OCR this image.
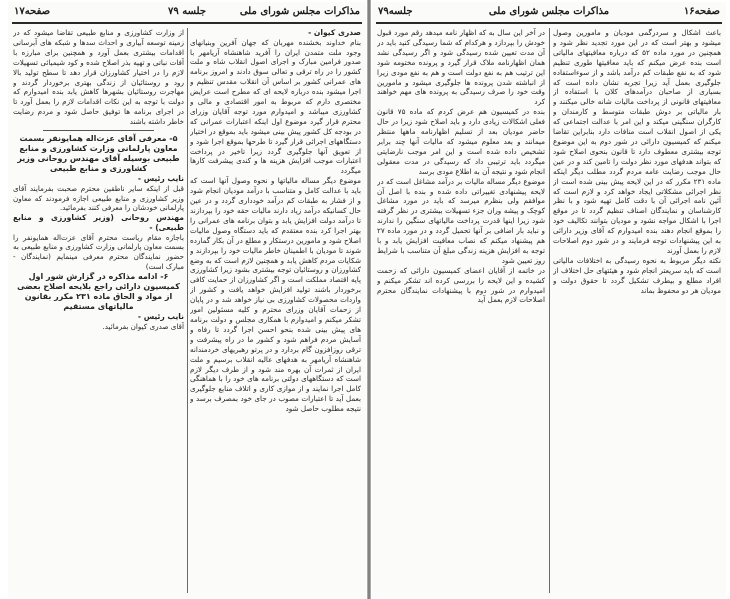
مذاکرات مجلس شورای ملی
جلسه ۷۹
صفحه۱۷

صدری کیوان -

بنام خداوند بخشنده مهربان که جهان آفرین وبنیانهای وجود ملت متمدن ایران را آفرید شاهنشاه آریامهر با صدور فرامین مبارک و اجرای اصول انقلاب شاه و ملت کشور را در راه ترقی و تعالی سوق دادند و امروز برنامه های عمرانی کشور بر اساس آن انقلاب مقدس تنظیم و اجرا میشود بنده درباره لایحه ای که مطرح است عرایض مختصری دارم که مربوط به امور اقتصادی و مالی و کشاورزی میباشد و امیدوارم مورد توجه آقایان وزرای محترم قرار گیرد موضوع اول اینکه اعتبارات عمرانی که در بودجه کل کشور پیش بینی میشود باید بموقع در اختیار دستگاههای اجرائی قرار گیرد تا طرحها بموقع اجرا شود و از تعویق آنها جلوگیری گردد زیرا تاخیر در پرداخت اعتبارات موجب افزایش هزینه ها و کندی پیشرفت کارها میگردد

موضوع دیگر مساله مالیاتها و نحوه وصول آنها است که باید با عدالت کامل و متناسب با درآمد مودیان انجام شود و از فشار به طبقات کم درآمد خودداری گردد و در عین حال کسانیکه درآمد زیاد دارند مالیات حقه خود را بپردازند تا درآمد دولت افزایش یابد و بتوان برنامه های عمرانی را بهتر اجرا کرد بنده معتقدم که باید دستگاه وصول مالیات اصلاح شود و مامورین درستکار و مطلع در آن بکار گمارده شوند تا مودیان با اطمینان خاطر مالیات خود را بپردازند و شکایات مردم کاهش یابد و همچنین لازم است که به وضع کشاورزان و روستائیان توجه بیشتری بشود زیرا کشاورزی پایه اقتصاد مملکت است و اگر کشاورزان از حمایت کافی برخوردار باشند تولید افزایش خواهد یافت و کشور از واردات محصولات کشاورزی بی نیاز خواهد شد و در پایان از زحمات آقایان وزرای محترم و کلیه مسئولین امور تشکر میکنم و امیدوارم با همکاری مجلس و دولت برنامه های پیش بینی شده بنحو احسن اجرا گردد تا رفاه و آسایش مردم فراهم شود و کشور ما در راه پیشرفت و ترقی روزافزون گام بردارد و در پرتو رهبریهای خردمندانه شاهنشاه آریامهر به هدفهای عالیه انقلاب برسیم و ملت ایران از ثمرات آن بهره مند شود و از طرف دیگر لازم است که دستگاههای دولتی برنامه های خود را با هماهنگی کامل اجرا نمایند و از موازی کاری و اتلاف منابع جلوگیری بعمل آید تا اعتبارات مصوب در جای خود بمصرف برسد و نتیجه مطلوب حاصل شود

از وزارت کشاورزی و منابع طبیعی تقاضا میشود که در زمینه توسعه آبیاری و احداث سدها و شبکه های آبرسانی اقدامات بیشتری بعمل آورد و همچنین برای مبارزه با آفات نباتی و تهیه بذر اصلاح شده و کود شیمیائی تسهیلات لازم را در اختیار کشاورزان قرار دهد تا سطح تولید بالا رود و روستائیان از زندگی بهتری برخوردار گردند و مهاجرت روستائیان بشهرها کاهش یابد بنده امیدوارم که دولت با توجه به این نکات اقدامات لازم را بعمل آورد تا در اجرای برنامه ها توفیق حاصل شود و مردم رضایت خاطر داشته باشند

۵- معرفی آقای عزت‌اله همایونفر بسمت معاون پارلمانی وزارت کشاورزی و منابع طبیعی بوسیله آقای مهندس روحانی وزیر کشاورزی و منابع طبیعی

نایب رئیس -

قبل از اینکه سایر ناطقین محترم صحبت بفرمایند آقای وزیر کشاورزی و منابع طبیعی اجازه فرمودند که معاون پارلمانی خودشان را معرفی کنند بفرمائید.

مهندس روحانی (وزیر کشاورزی و منابع طبیعی) -

باجازه مقام ریاست محترم آقای عزت‌اله همایونفر را بسمت معاون پارلمانی وزارت کشاورزی و منابع طبیعی به حضور نمایندگان محترم معرفی مینمایم (نمایندگان - مبارک است)

۶- ادامه مذاکره در گزارش شور اول کمیسیون دارائی راجع بلایحه اصلاح بعضی از مواد و الحاق ماده ۲۳۱ مکرر بقانون مالیاتهای مستقیم

نایب رئیس -

آقای صدری کیوان بفرمائید.

صفحه۱۶
مذاکرات مجلس شورای ملی
جلسه۷۹

باعث اشکال و سردرگمی مودیان و مامورین وصول میشود و بهتر است که در این مورد تجدید نظر شود و همچنین در مورد ماده ۵۲ که درباره معافیتهای مالیاتی است بنده عرض میکنم که باید معافیتها طوری تنظیم شود که به نفع طبقات کم درآمد باشد و از سوءاستفاده جلوگیری بعمل آید زیرا تجربه نشان داده است که بسیاری از صاحبان درآمدهای کلان با استفاده از معافیتهای قانونی از پرداخت مالیات شانه خالی میکنند و بار مالیاتی بر دوش طبقات متوسط و کارمندان و کارگران سنگینی میکند و این امر با عدالت اجتماعی که یکی از اصول انقلاب است منافات دارد بنابراین تقاضا میکنم که کمیسیون دارائی در شور دوم به این موضوع توجه بیشتری معطوف دارد تا قانون بنحوی اصلاح شود که بتواند هدفهای مورد نظر دولت را تامین کند و در عین حال موجب رضایت عامه مردم گردد مطلب دیگر اینکه ماده ۲۳۱ مکرر که در این لایحه پیش بینی شده است از نظر اجرائی مشکلاتی ایجاد خواهد کرد و لازم است که آئین نامه اجرائی آن با دقت کامل تهیه شود و با نظر کارشناسان و نمایندگان اصناف تنظیم گردد تا در موقع اجرا با اشکال مواجه نشود و مودیان بتوانند تکالیف خود را بموقع انجام دهند بنده امیدوارم که آقای وزیر دارائی به این پیشنهادات توجه فرمایند و در شور دوم اصلاحات لازم را بعمل آورند

نکته دیگر مربوط به نحوه رسیدگی به اختلافات مالیاتی است که باید سریعتر انجام شود و هیئتهای حل اختلاف از افراد مطلع و بیطرف تشکیل گردد تا حقوق دولت و مودیان هر دو محفوظ بماند

در آخر این سال به که اظهار نامه میدهد رقم مورد قبول خودش را بپردازد و هرکدام که شما رسیدگی کنید باید در آن مدت تعیین شده رسیدگی شود و اگر رسیدگی نشد همان اظهارنامه ملاک قرار گیرد و پرونده مختومه شود این ترتیب هم به نفع دولت است و هم به نفع مودی زیرا از انباشته شدن پرونده ها جلوگیری میشود و مامورین وقت خود را صرف رسیدگی به پرونده های مهم خواهند کرد

بنده در کمیسیون هم عرض کردم که ماده ۷۵ قانون فعلی اشکالات زیادی دارد و باید اصلاح شود زیرا در حال حاضر مودیان بعد از تسلیم اظهارنامه ماهها منتظر میمانند و بعد معلوم میشود که مالیات آنها چند برابر تشخیص داده شده است و این امر موجب نارضایتی میگردد باید ترتیبی داد که رسیدگی در مدت معقولی انجام شود و نتیجه آن به اطلاع مودی برسد

موضوع دیگر مساله مالیات بر درآمد مشاغل است که در لایحه پیشنهادی تغییراتی داده شده و بنده با اصل آن موافقم ولی بنظرم میرسد که باید در مورد مشاغل کوچک و پیشه وران جزء تسهیلات بیشتری در نظر گرفته شود زیرا اینها قدرت پرداخت مالیاتهای سنگین را ندارند و نباید بار اضافی بر آنها تحمیل گردد و در مورد ماده ۲۷ هم پیشنهاد میکنم که نصاب معافیت افزایش یابد و با توجه به افزایش هزینه زندگی مبلغ آن متناسب با شرایط روز تعیین شود

در خاتمه از آقایان اعضای کمیسیون دارائی که زحمت کشیده و این لایحه را بررسی کرده اند تشکر میکنم و امیدوارم در شور دوم با پیشنهادات نمایندگان محترم اصلاحات لازم بعمل آید
